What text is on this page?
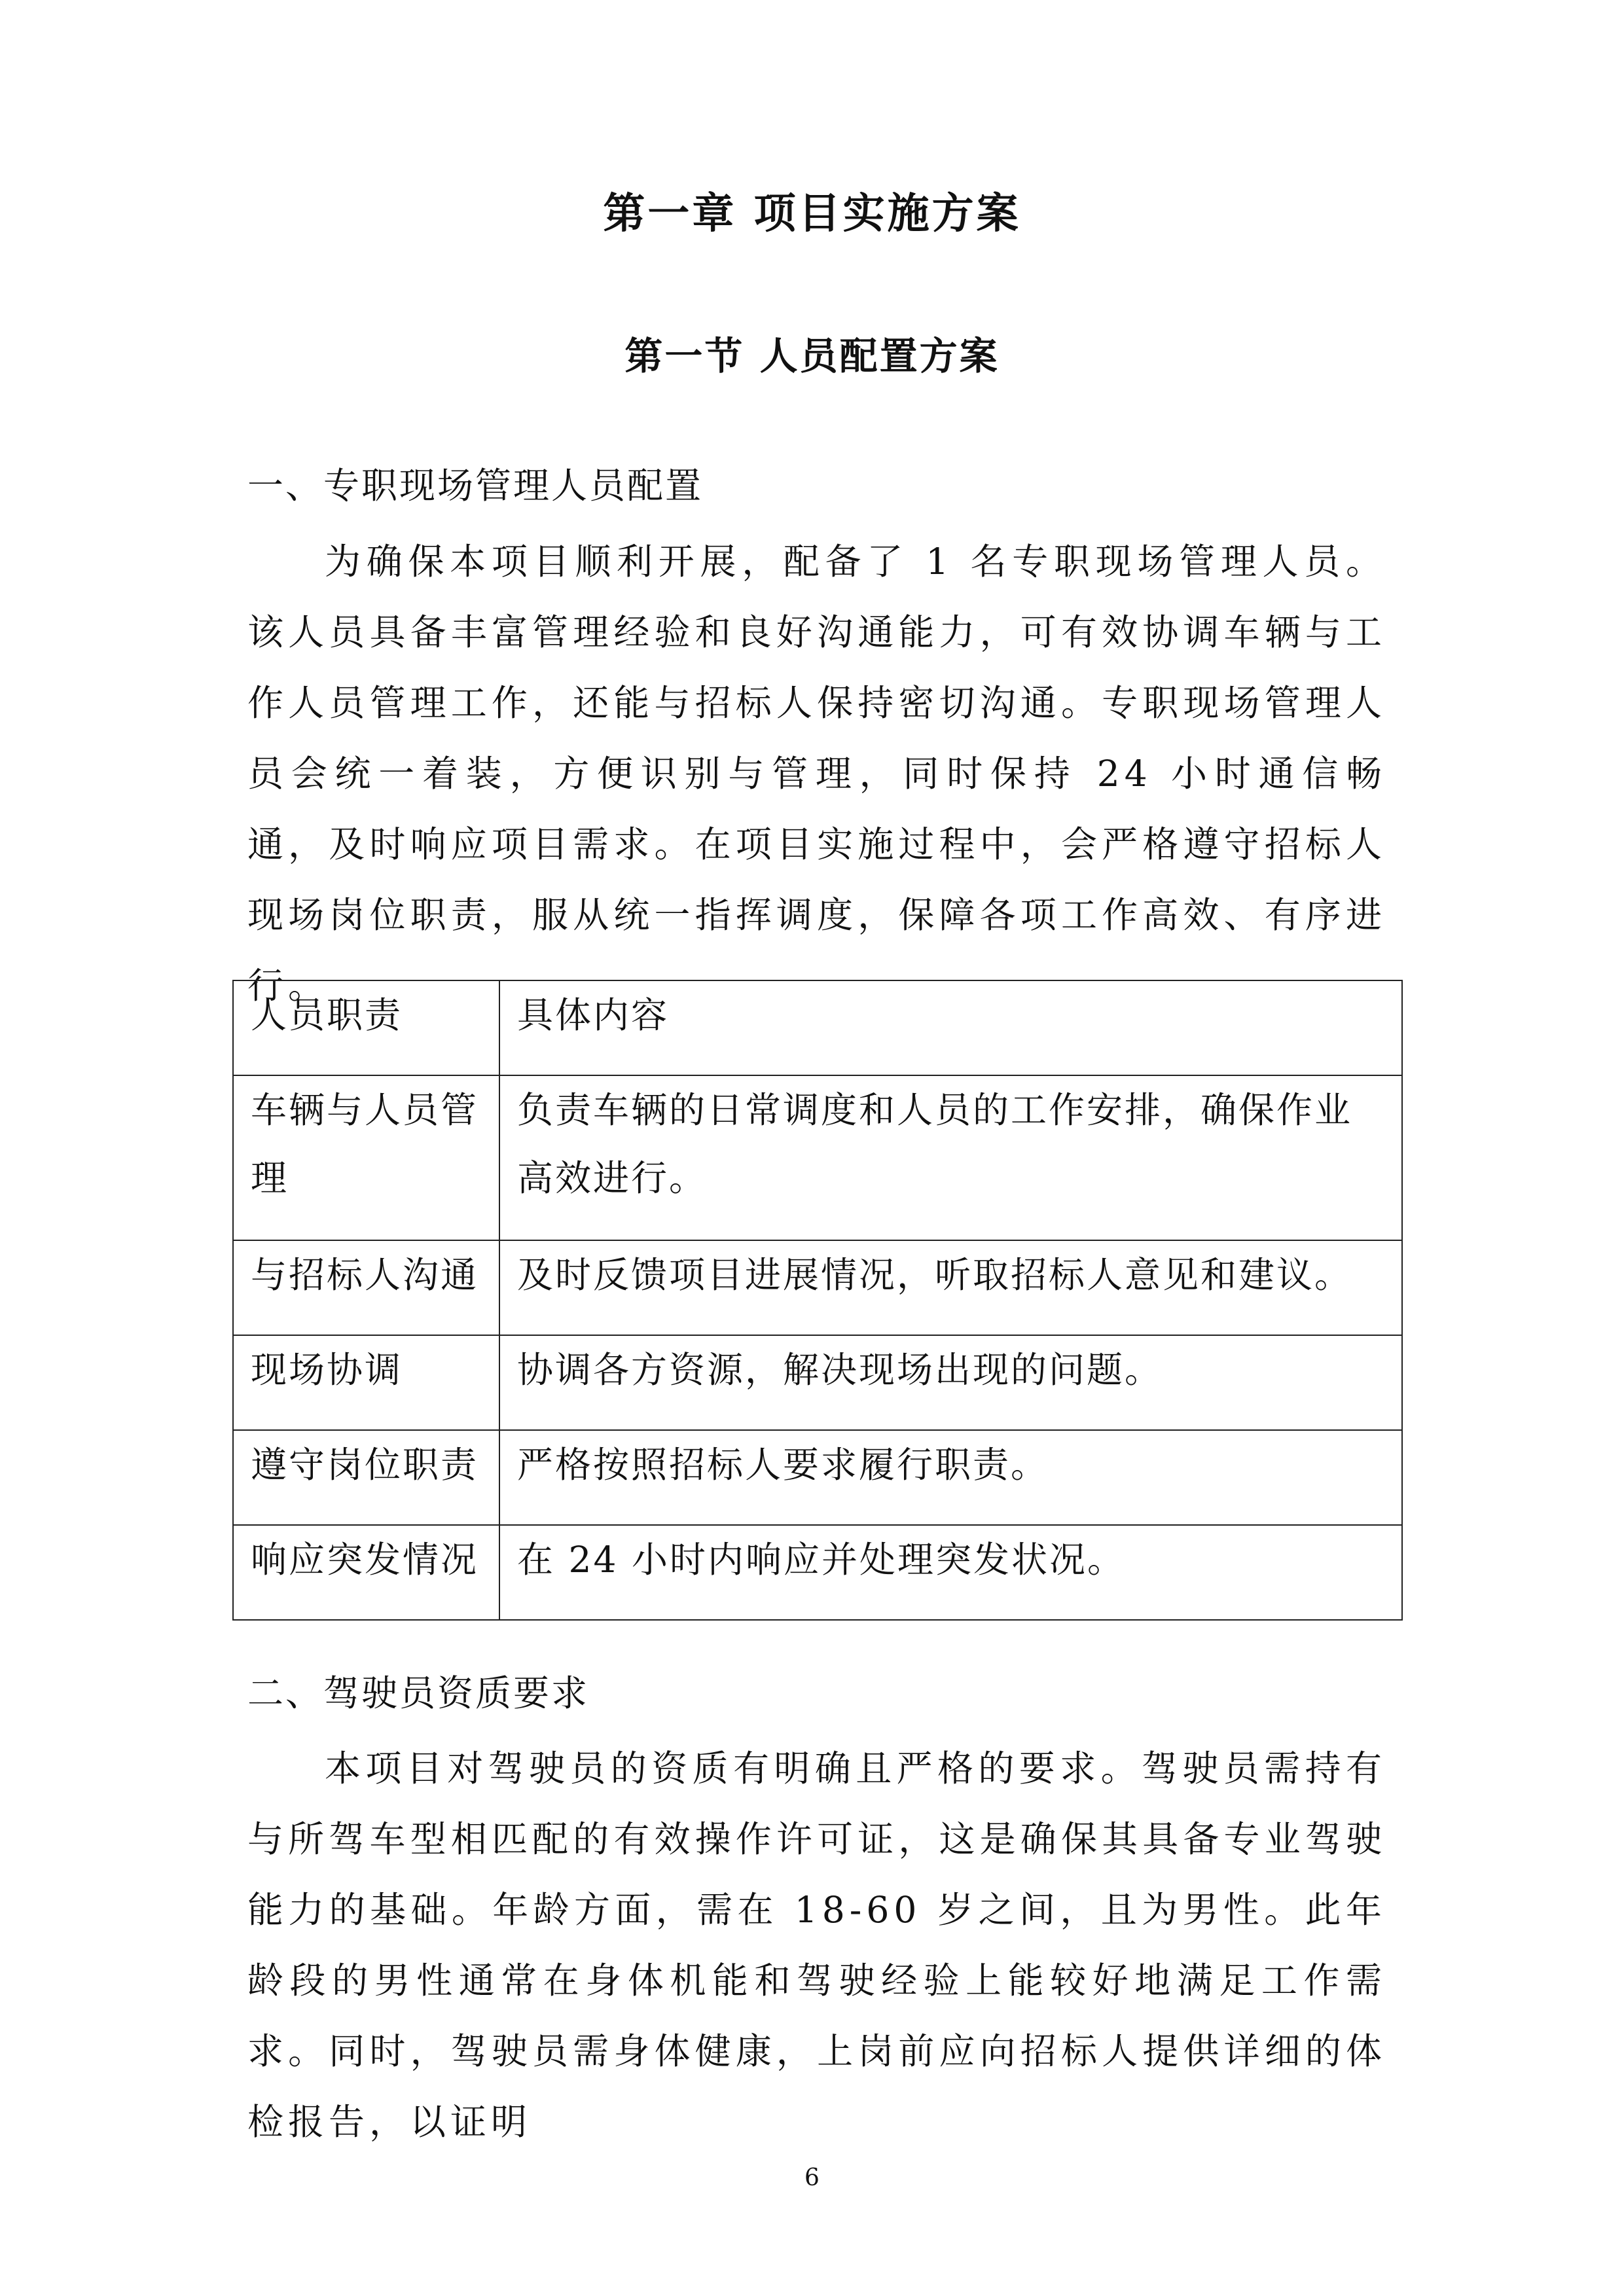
第一章 项目实施方案
第一节 人员配置方案
一、专职现场管理人员配置

为确保本项目顺利开展，配备了 1 名专职现场管理人员。该人员具备丰富管理经验和良好沟通能力，可有效协调车辆与工作人员管理工作，还能与招标人保持密切沟通。专职现场管理人员会统一着装，方便识别与管理，同时保持 24 小时通信畅通，及时响应项目需求。在项目实施过程中，会严格遵守招标人现场岗位职责，服从统一指挥调度，保障各项工作高效、有序进行。

人员职责	具体内容
车辆与人员管理	负责车辆的日常调度和人员的工作安排，确保作业高效进行。
与招标人沟通	及时反馈项目进展情况，听取招标人意见和建议。
现场协调	协调各方资源，解决现场出现的问题。
遵守岗位职责	严格按照招标人要求履行职责。
响应突发情况	在 24 小时内响应并处理突发状况。
二、驾驶员资质要求

本项目对驾驶员的资质有明确且严格的要求。驾驶员需持有与所驾车型相匹配的有效操作许可证，这是确保其具备专业驾驶能力的基础。年龄方面，需在 18-60 岁之间，且为男性。此年龄段的男性通常在身体机能和驾驶经验上能较好地满足工作需求。同时，驾驶员需身体健康，上岗前应向招标人提供详细的体检报告，以证明

6
